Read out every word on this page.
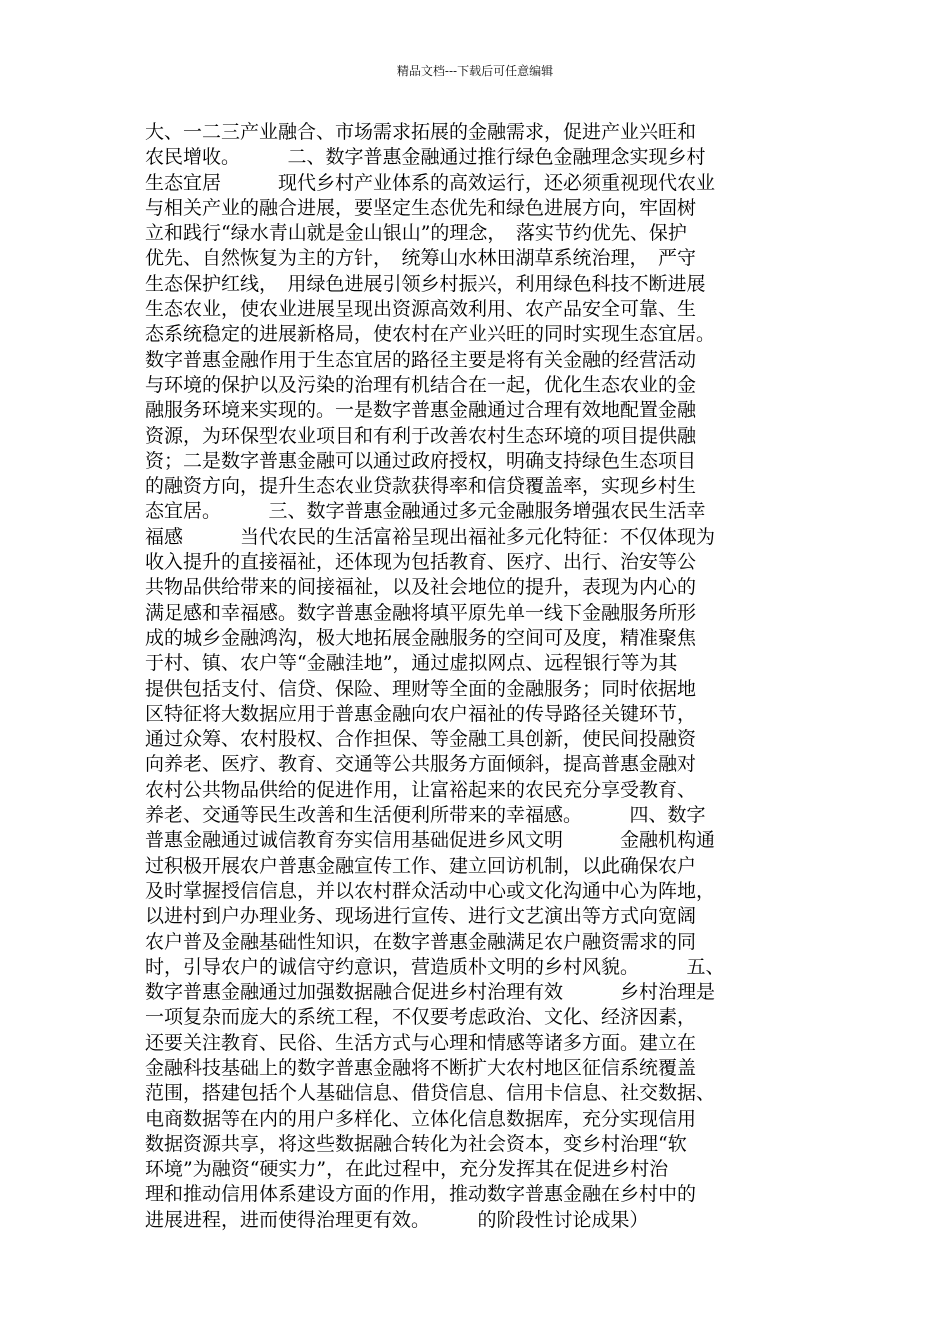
精品文档---下载后可任意编辑
大、一二三产业融合、市场需求拓展的金融需求，促进产业兴旺和
农民增收。　　　二、数字普惠金融通过推行绿色金融理念实现乡村
生态宜居　　　现代乡村产业体系的高效运行，还必须重视现代农业
与相关产业的融合进展，要坚定生态优先和绿色进展方向，牢固树
立和践行“绿水青山就是金山银山”的理念，　落实节约优先、保护
优先、自然恢复为主的方针，　统筹山水林田湖草系统治理，　严守
生态保护红线，　用绿色进展引领乡村振兴，利用绿色科技不断进展
生态农业，使农业进展呈现出资源高效利用、农产品安全可靠、生
态系统稳定的进展新格局，使农村在产业兴旺的同时实现生态宜居。
数字普惠金融作用于生态宜居的路径主要是将有关金融的经营活动
与环境的保护以及污染的治理有机结合在一起，优化生态农业的金
融服务环境来实现的。一是数字普惠金融通过合理有效地配置金融
资源，为环保型农业项目和有利于改善农村生态环境的项目提供融
资；二是数字普惠金融可以通过政府授权，明确支持绿色生态项目
的融资方向，提升生态农业贷款获得率和信贷覆盖率，实现乡村生
态宜居。　　　三、数字普惠金融通过多元金融服务增强农民生活幸
福感　　　当代农民的生活富裕呈现出福祉多元化特征：不仅体现为
收入提升的直接福祉，还体现为包括教育、医疗、出行、治安等公
共物品供给带来的间接福祉，以及社会地位的提升，表现为内心的
满足感和幸福感。数字普惠金融将填平原先单一线下金融服务所形
成的城乡金融鸿沟，极大地拓展金融服务的空间可及度，精准聚焦
于村、镇、农户等“金融洼地”，通过虚拟网点、远程银行等为其
提供包括支付、信贷、保险、理财等全面的金融服务；同时依据地
区特征将大数据应用于普惠金融向农户福祉的传导路径关键环节，
通过众筹、农村股权、合作担保、等金融工具创新，使民间投融资
向养老、医疗、教育、交通等公共服务方面倾斜，提高普惠金融对
农村公共物品供给的促进作用，让富裕起来的农民充分享受教育、
养老、交通等民生改善和生活便利所带来的幸福感。　　　四、数字
普惠金融通过诚信教育夯实信用基础促进乡风文明　　　金融机构通
过积极开展农户普惠金融宣传工作、建立回访机制，以此确保农户
及时掌握授信信息，并以农村群众活动中心或文化沟通中心为阵地，
以进村到户办理业务、现场进行宣传、进行文艺演出等方式向宽阔
农户普及金融基础性知识，在数字普惠金融满足农户融资需求的同
时，引导农户的诚信守约意识，营造质朴文明的乡村风貌。　　　五、
数字普惠金融通过加强数据融合促进乡村治理有效　　　乡村治理是
一项复杂而庞大的系统工程，不仅要考虑政治、文化、经济因素，
还要关注教育、民俗、生活方式与心理和情感等诸多方面。建立在
金融科技基础上的数字普惠金融将不断扩大农村地区征信系统覆盖
范围，搭建包括个人基础信息、借贷信息、信用卡信息、社交数据、
电商数据等在内的用户多样化、立体化信息数据库，充分实现信用
数据资源共享，将这些数据融合转化为社会资本，变乡村治理“软
环境”为融资“硬实力”，在此过程中，充分发挥其在促进乡村治
理和推动信用体系建设方面的作用，推动数字普惠金融在乡村中的
进展进程，进而使得治理更有效。　　　的阶段性讨论成果）
